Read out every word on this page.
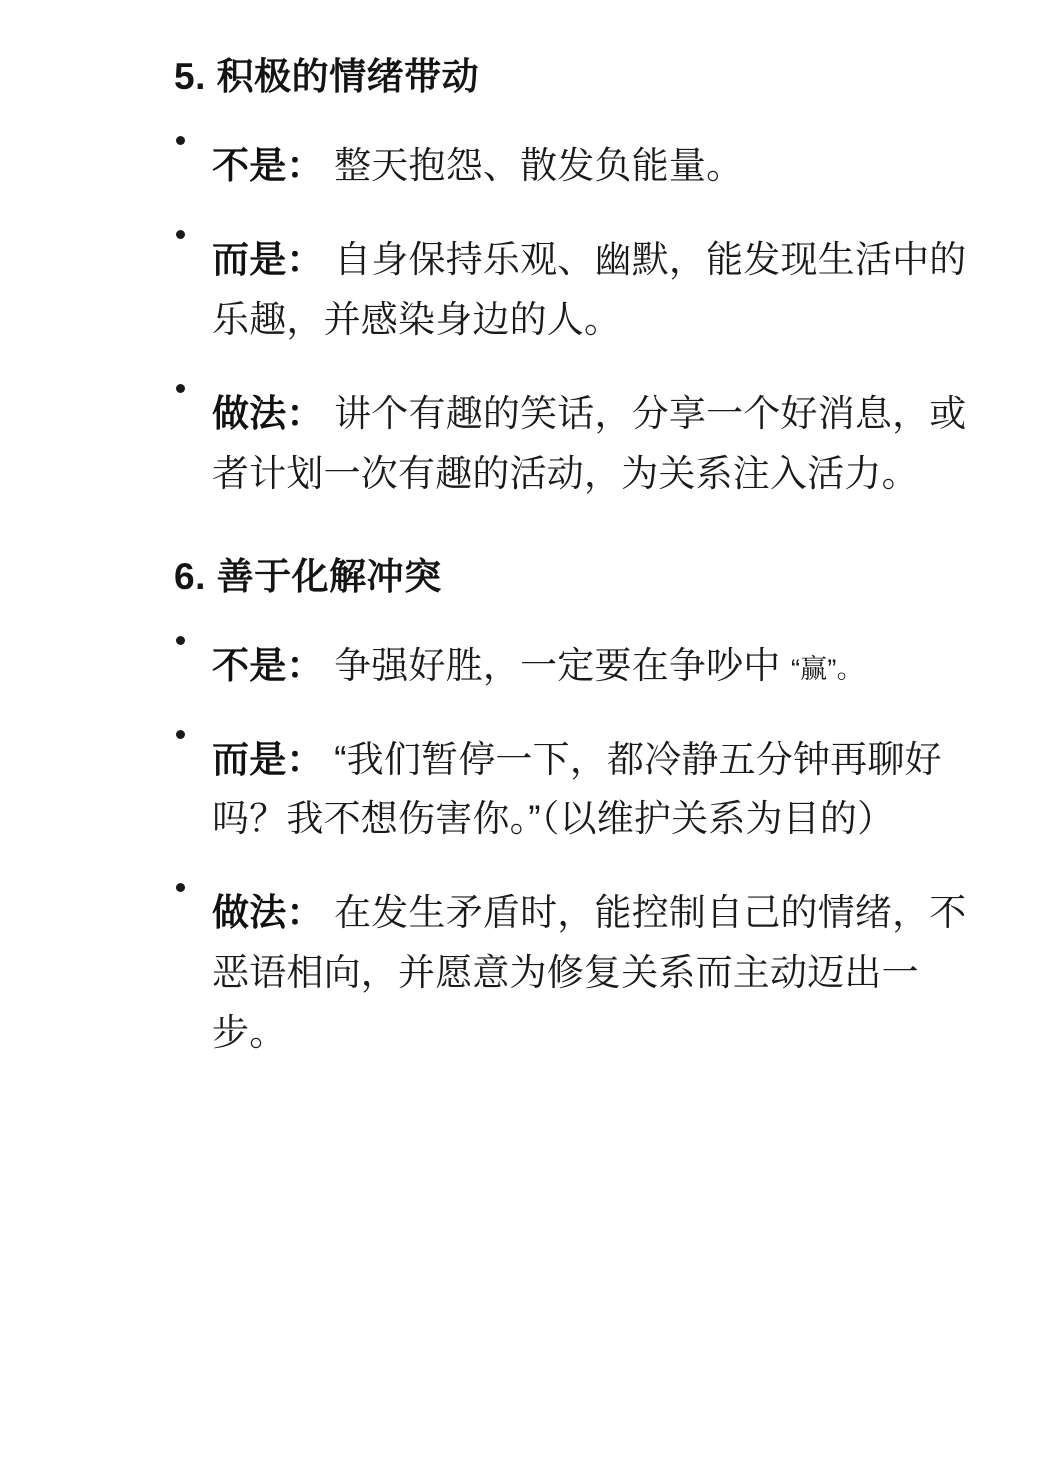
5. 积极的情绪带动
不是： 整天抱怨、散发负能量。
而是： 自身保持乐观、幽默，能发现生活中的乐趣，并感染身边的人。
做法： 讲个有趣的笑话，分享一个好消息，或者计划一次有趣的活动，为关系注入活力。
6. 善于化解冲突
不是： 争强好胜，一定要在争吵中 “赢”。
而是： “我们暂停一下，都冷静五分钟再聊好吗？我不想伤害你。”（以维护关系为目的）
做法： 在发生矛盾时，能控制自己的情绪，不恶语相向，并愿意为修复关系而主动迈出一步。
